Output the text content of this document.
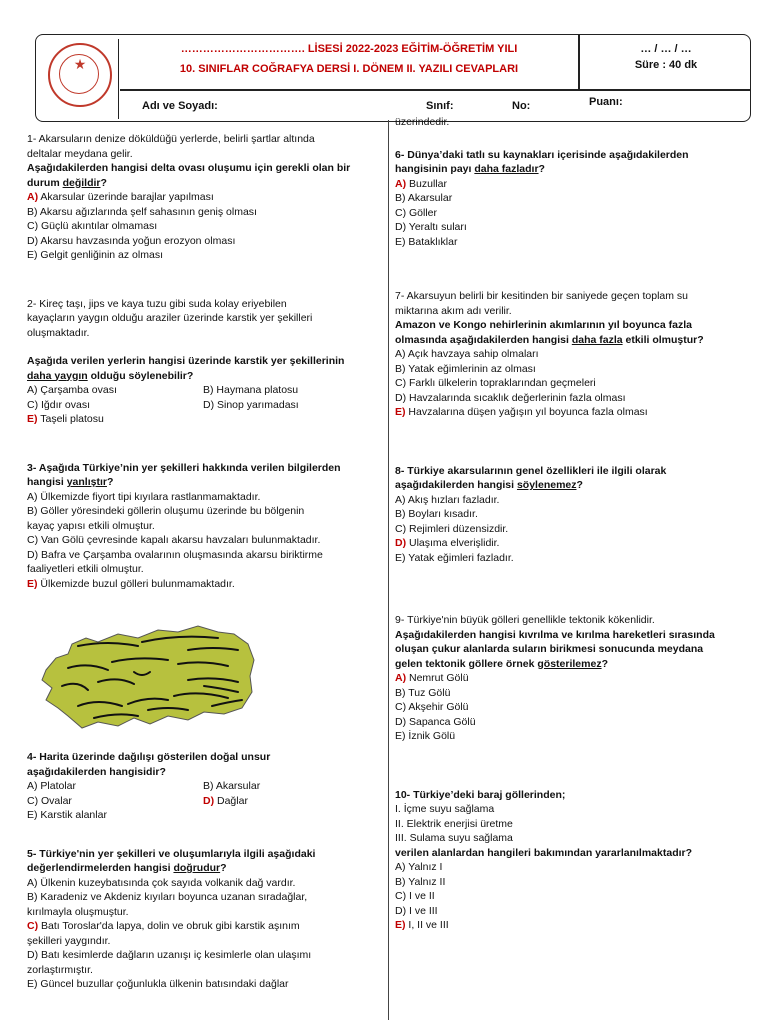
★
……………………………. LİSESİ 2022-2023 EĞİTİM-ÖĞRETİM YILI
10. SINIFLAR COĞRAFYA DERSİ I. DÖNEM II. YAZILI CEVAPLARI
… / … / …
Süre : 40 dk
Adı ve Soyadı:	Sınıf:	No:	Puanı:

1- Akarsuların denize döküldüğü yerlerde, belirli şartlar altında

deltalar meydana gelir.

Aşağıdakilerden hangisi delta ovası oluşumu için gerekli olan bir

durum değildir?

A) Akarsular üzerinde barajlar yapılması

B) Akarsu ağızlarında şelf sahasının geniş olması

C) Güçlü akıntılar olmaması

D) Akarsu havzasında yoğun erozyon olması

E) Gelgit genliğinin az olması

2- Kireç taşı, jips ve kaya tuzu gibi suda kolay eriyebilen

kayaçların yaygın olduğu araziler üzerinde karstik yer şekilleri

oluşmaktadır.

Aşağıda verilen yerlerin hangisi üzerinde karstik yer şekillerinin

daha yaygın olduğu söylenebilir?

A) Çarşamba ovası	B) Haymana platosu

C) Iğdır ovası	D) Sinop yarımadası

E) Taşeli platosu

3- Aşağıda Türkiye’nin yer şekilleri hakkında verilen bilgilerden

hangisi yanlıştır?

A) Ülkemizde fiyort tipi kıyılara rastlanmamaktadır.

B) Göller yöresindeki göllerin oluşumu üzerinde bu bölgenin

kayaç yapısı etkili olmuştur.

C) Van Gölü çevresinde kapalı akarsu havzaları bulunmaktadır.

D) Bafra ve Çarşamba ovalarının oluşmasında akarsu biriktirme

faaliyetleri etkili olmuştur.

E) Ülkemizde buzul gölleri bulunmamaktadır.

4- Harita üzerinde dağılışı gösterilen doğal unsur

aşağıdakilerden hangisidir?

A) Platolar	B) Akarsular

C) Ovalar	D) Dağlar

E) Karstik alanlar

5- Türkiye'nin yer şekilleri ve oluşumlarıyla ilgili aşağıdaki

değerlendirmelerden hangisi doğrudur?

A) Ülkenin kuzeybatısında çok sayıda volkanik dağ vardır.

B) Karadeniz ve Akdeniz kıyıları boyunca uzanan sıradağlar,

kırılmayla oluşmuştur.

C) Batı Toroslar'da lapya, dolin ve obruk gibi karstik aşınım

şekilleri yaygındır.

D) Batı kesimlerde dağların uzanışı iç kesimlerle olan ulaşımı

zorlaştırmıştır.

E) Güncel buzullar çoğunlukla ülkenin batısındaki dağlar

üzerindedir.

6- Dünya’daki tatlı su kaynakları içerisinde aşağıdakilerden

hangisinin payı daha fazladır?

A) Buzullar

B) Akarsular

C) Göller

D) Yeraltı suları

E) Bataklıklar

7- Akarsuyun belirli bir kesitinden bir saniyede geçen toplam su

miktarına akım adı verilir.

Amazon ve Kongo nehirlerinin akımlarının yıl boyunca fazla

olmasında aşağıdakilerden hangisi daha fazla etkili olmuştur?

A) Açık havzaya sahip olmaları

B) Yatak eğimlerinin az olması

C) Farklı ülkelerin topraklarından geçmeleri

D) Havzalarında sıcaklık değerlerinin fazla olması

E) Havzalarına düşen yağışın yıl boyunca fazla olması

8- Türkiye akarsularının genel özellikleri ile ilgili olarak

aşağıdakilerden hangisi söylenemez?

A) Akış hızları fazladır.

B) Boyları kısadır.

C) Rejimleri düzensizdir.

D) Ulaşıma elverişlidir.

E) Yatak eğimleri fazladır.

9- Türkiye'nin büyük gölleri genellikle tektonik kökenlidir.

Aşağıdakilerden hangisi kıvrılma ve kırılma hareketleri sırasında

oluşan çukur alanlarda suların birikmesi sonucunda meydana

gelen tektonik göllere örnek gösterilemez?

A) Nemrut Gölü

B) Tuz Gölü

C) Akşehir Gölü

D) Sapanca Gölü

E) İznik Gölü

10- Türkiye’deki baraj göllerinden;

I. İçme suyu sağlama

II. Elektrik enerjisi üretme

III. Sulama suyu sağlama

verilen alanlardan hangileri bakımından yararlanılmaktadır?

A) Yalnız I

B) Yalnız II

C) I ve II

D) I ve III

E) I, II ve III
